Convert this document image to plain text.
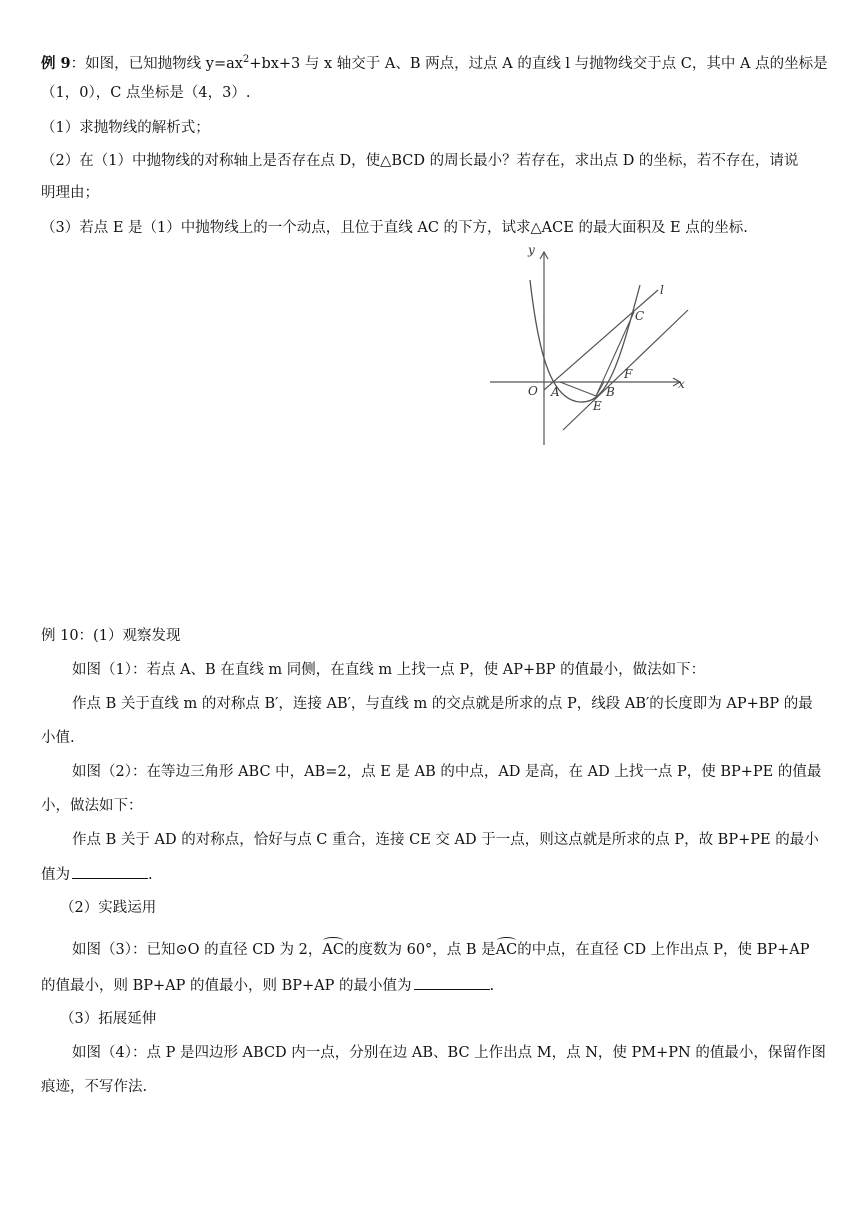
例 9：如图，已知抛物线 $y=ax^2+bx+3$ 与 x 轴交于 A、B 两点，过点 A 的直线 l 与抛物线交于点 C，其中 A 点的坐标是
（1，0），C 点坐标是（4，3）.
（1）求抛物线的解析式；
（2）在（1）中抛物线的对称轴上是否存在点 D，使△BCD 的周长最小？若存在，求出点 D 的坐标，若不存在，请说
明理由；
（3）若点 E 是（1）中抛物线上的一个动点，且位于直线 AC 的下方，试求△ACE 的最大面积及 E 点的坐标.
y
x
l
C
F
O A	B
E
例 10：(1）观察发现
如图（1）：若点 A、B 在直线 m 同侧，在直线 m 上找一点 P，使 AP+BP 的值最小，做法如下：
作点 B 关于直线 m 的对称点 B′，连接 AB′，与直线 m 的交点就是所求的点 P，线段 AB′的长度即为 AP+BP 的最
小值.
如图（2）：在等边三角形 ABC 中，AB=2，点 E 是 AB 的中点，AD 是高，在 AD 上找一点 P，使 BP+PE 的值最
小，做法如下：
作点 B 关于 AD 的对称点，恰好与点 C 重合，连接 CE 交 AD 于一点，则这点就是所求的点 P，故 BP+PE 的最小
值为	.
（2）实践运用
如图（3）：已知⊙O 的直径 CD 为 2，AC的度数为 60°，点 B 是AC的中点，在直径 CD 上作出点 P，使 BP+AP
的值最小，则 BP+AP 的值最小，则 BP+AP 的最小值为	.
（3）拓展延伸
如图（4）：点 P 是四边形 ABCD 内一点，分别在边 AB、BC 上作出点 M，点 N，使 PM+PN 的值最小，保留作图
痕迹，不写作法.
